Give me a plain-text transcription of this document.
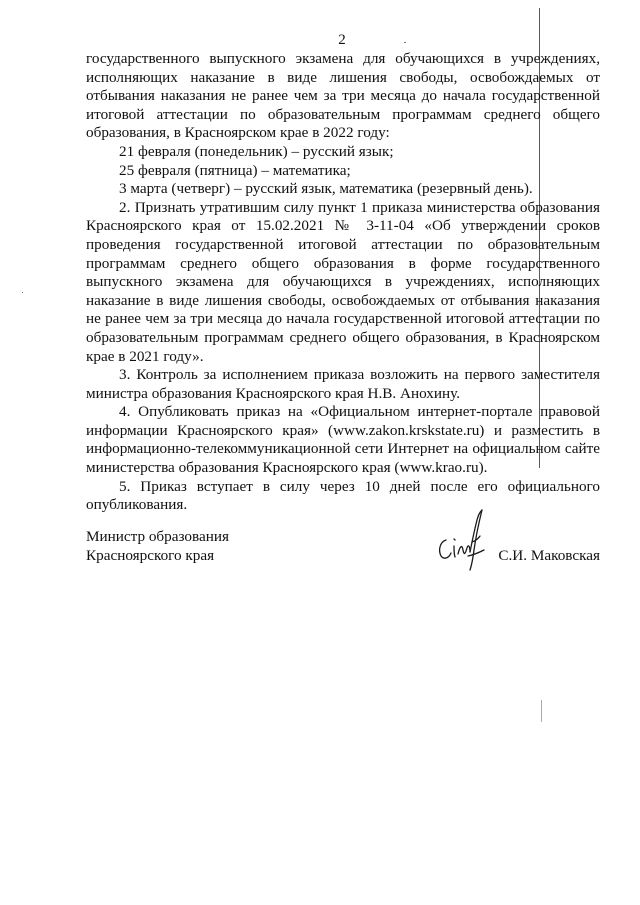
2

государственного выпускного экзамена для обучающихся в учреждениях, исполняющих наказание в виде лишения свободы, освобождаемых от отбывания наказания не ранее чем за три месяца до начала государственной итоговой аттестации по образовательным программам среднего общего образования, в Красноярском крае в 2022 году:

21 февраля (понедельник) – русский язык;

25 февраля (пятница) – математика;

3 марта (четверг) – русский язык, математика (резервный день).

2. Признать утратившим силу пункт 1 приказа министерства образования Красноярского края от 15.02.2021 № 3-11-04 «Об утверждении сроков проведения государственной итоговой аттестации по образовательным программам среднего общего образования в форме государственного выпускного экзамена для обучающихся в учреждениях, исполняющих наказание в виде лишения свободы, освобождаемых от отбывания наказания не ранее чем за три месяца до начала государственной итоговой аттестации по образовательным программам среднего общего образования, в Красноярском крае в 2021 году».

3. Контроль за исполнением приказа возложить на первого заместителя министра образования Красноярского края Н.В. Анохину.

4. Опубликовать приказ на «Официальном интернет-портале правовой информации Красноярского края» (www.zakon.krskstate.ru) и разместить в информационно-телекоммуникационной сети Интернет на официальном сайте министерства образования Красноярского края (www.krao.ru).

5. Приказ вступает в силу через 10 дней после его официального опубликования.

Министр образования
Красноярского края	С.И. Маковская
